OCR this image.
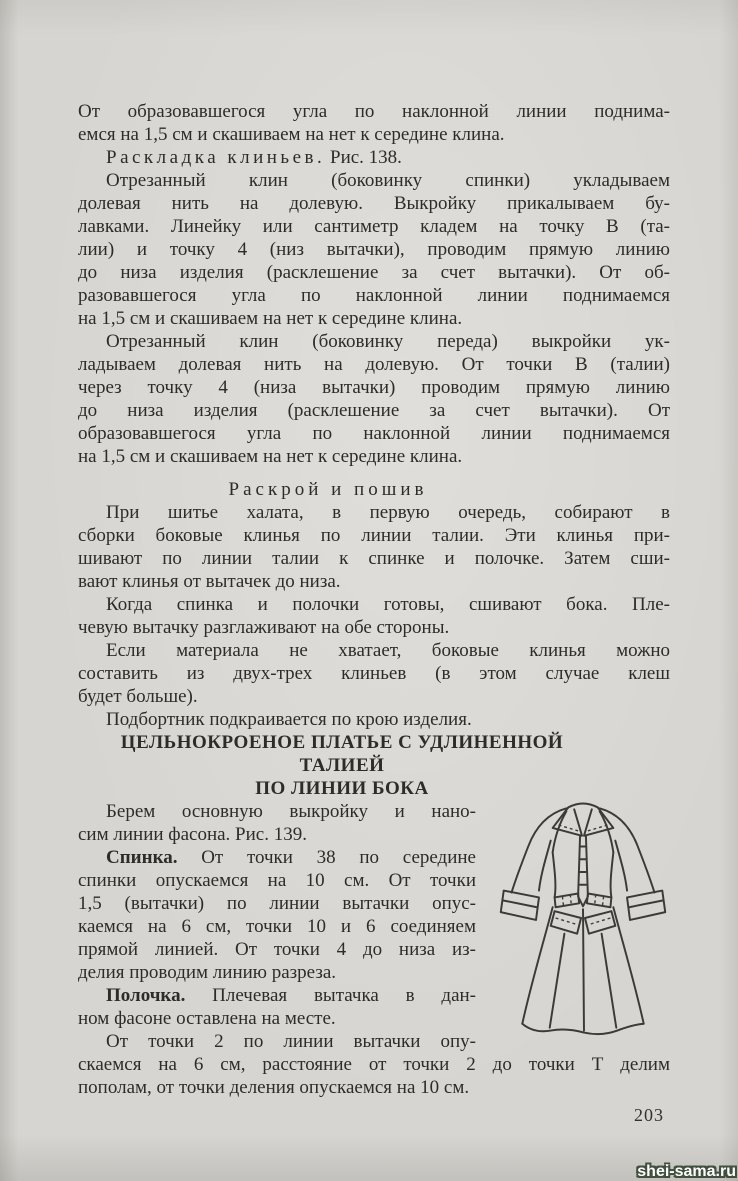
От образовавшегося угла по наклонной линии поднима-
емся на 1,5 см и скашиваем на нет к середине клина.
Раскладка клиньев. Рис. 138.
Отрезанный клин (боковинку спинки) укладываем
долевая нить на долевую. Выкройку прикалываем бу-
лавками. Линейку или сантиметр кладем на точку В (та-
лии) и точку 4 (низ вытачки), проводим прямую линию
до низа изделия (расклешение за счет вытачки). От об-
разовавшегося угла по наклонной линии поднимаемся
на 1,5 см и скашиваем на нет к середине клина.
Отрезанный клин (боковинку переда) выкройки ук-
ладываем долевая нить на долевую. От точки В (талии)
через точку 4 (низа вытачки) проводим прямую линию
до низа изделия (расклешение за счет вытачки). От
образовавшегося угла по наклонной линии поднимаемся
на 1,5 см и скашиваем на нет к середине клина.
Раскрой и пошив
При шитье халата, в первую очередь, собирают в
сборки боковые клинья по линии талии. Эти клинья при-
шивают по линии талии к спинке и полочке. Затем сши-
вают клинья от вытачек до низа.
Когда спинка и полочки готовы, сшивают бока. Пле-
чевую вытачку разглаживают на обе стороны.
Если материала не хватает, боковые клинья можно
составить из двух-трех клиньев (в этом случае клеш
будет больше).
Подбортник подкраивается по крою изделия.
ЦЕЛЬНОКРОЕНОЕ ПЛАТЬЕ С УДЛИНЕННОЙ ТАЛИЕЙ
ПО ЛИНИИ БОКА
Берем основную выкройку и нано-
сим линии фасона. Рис. 139.
Спинка. От точки 38 по середине
спинки опускаемся на 10 см. От точки
1,5 (вытачки) по линии вытачки опус-
каемся на 6 см, точки 10 и 6 соединяем
прямой линией. От точки 4 до низа из-
делия проводим линию разреза.
Полочка. Плечевая вытачка в дан-
ном фасоне оставлена на месте.
От точки 2 по линии вытачки опу-
скаемся на 6 см, расстояние от точки 2 до точки Т делим
пополам, от точки деления опускаемся на 10 см.
203
shei-sama.ru
